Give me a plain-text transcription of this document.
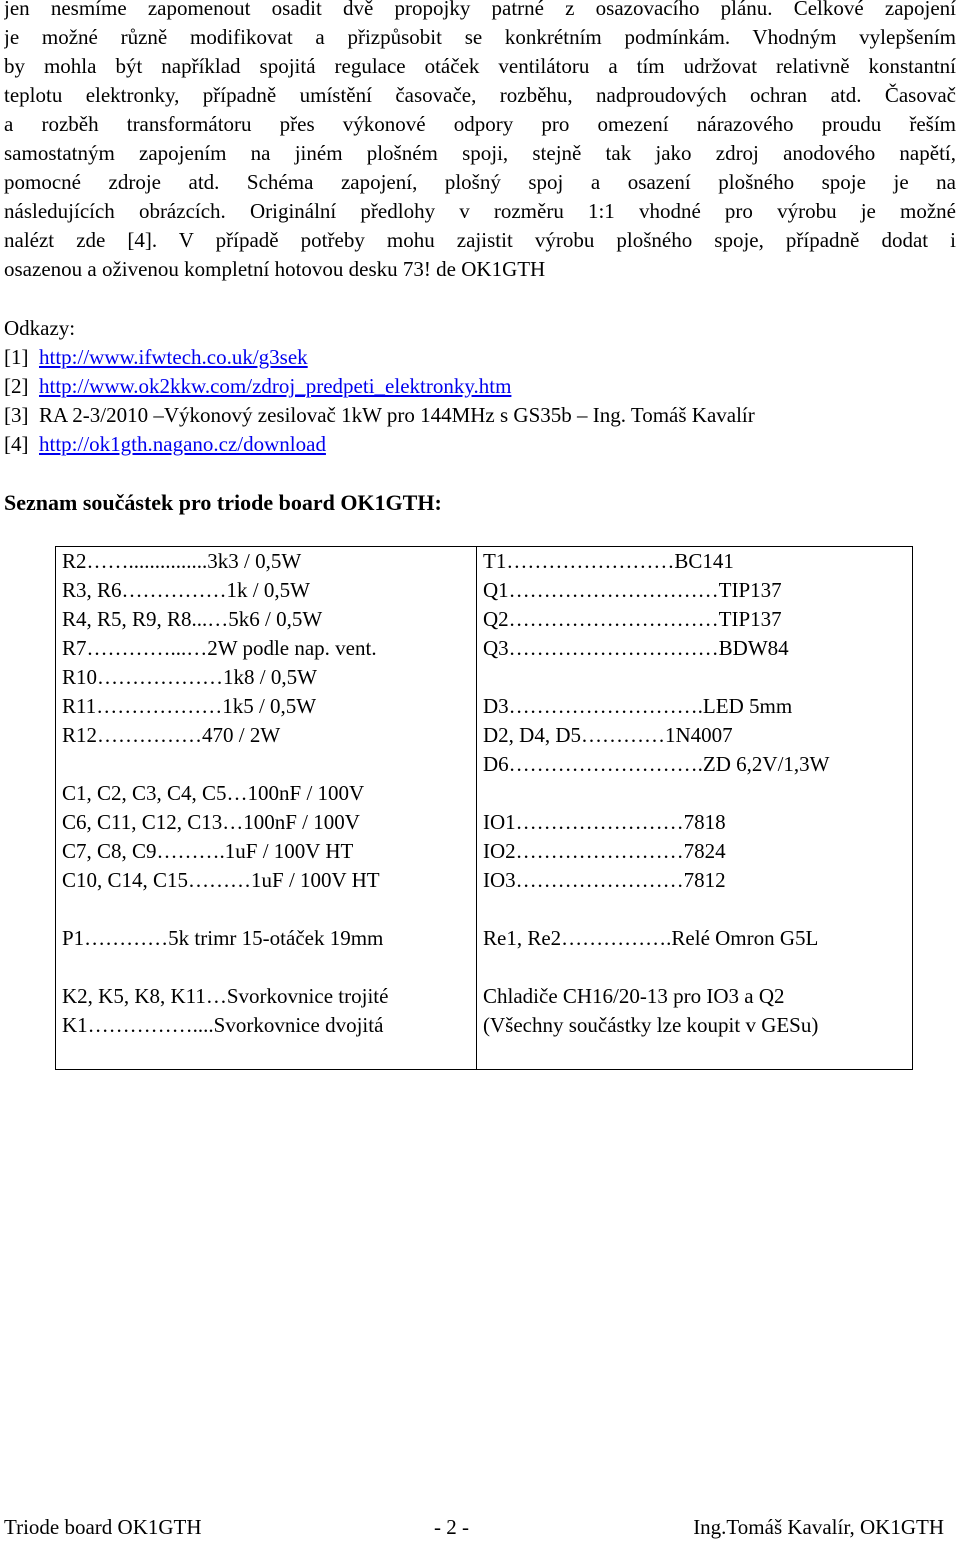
jen nesmíme zapomenout osadit dvě propojky patrné z osazovacího plánu. Celkové zapojení
je možné různě modifikovat a přizpůsobit se konkrétním podmínkám. Vhodným vylepšením
by mohla být například spojitá regulace otáček ventilátoru a tím udržovat relativně konstantní
teplotu elektronky, případně umístění časovače, rozběhu, nadproudových ochran atd. Časovač
a rozběh transformátoru přes výkonové odpory pro omezení nárazového proudu řeším
samostatným zapojením na jiném plošném spoji, stejně tak jako zdroj anodového napětí,
pomocné zdroje atd. Schéma zapojení, plošný spoj a osazení plošného spoje je na
následujících obrázcích. Originální předlohy v rozměru 1:1 vhodné pro výrobu je možné
nalézt zde [4]. V případě potřeby mohu zajistit výrobu plošného spoje, případně dodat i
osazenou a oživenou kompletní hotovou desku 73! de OK1GTH
Odkazy:
[1] http://www.ifwtech.co.uk/g3sek
[2] http://www.ok2kkw.com/zdroj_predpeti_elektronky.htm
[3] RA 2-3/2010 –Výkonový zesilovač 1kW pro 144MHz s GS35b – Ing. Tomáš Kavalír
[4] http://ok1gth.nagano.cz/download
Seznam součástek pro triode board OK1GTH:
R2……...............3k3 / 0,5W
R3, R6……………1k / 0,5W
R4, R5, R9, R8...…5k6 / 0,5W
R7…………...…2W podle nap. vent.
R10………………1k8 / 0,5W
R11………………1k5 / 0,5W
R12……………470 / 2W
C1, C2, C3, C4, C5…100nF / 100V
C6, C11, C12, C13…100nF / 100V
C7, C8, C9……….1uF / 100V HT
C10, C14, C15………1uF / 100V HT
P1…………5k trimr 15-otáček 19mm
K2, K5, K8, K11…Svorkovnice trojité
K1……………....Svorkovnice dvojitá

T1……………………BC141
Q1…………………………TIP137
Q2…………………………TIP137
Q3…………………………BDW84
D3……………………….LED 5mm
D2, D4, D5…………1N4007
D6……………………….ZD 6,2V/1,3W
IO1……………………7818
IO2……………………7824
IO3……………………7812
Re1, Re2…………….Relé Omron G5L
Chladiče CH16/20-13 pro IO3 a Q2
(Všechny součástky lze koupit v GESu)
Triode board OK1GTH	- 2 -	Ing.Tomáš Kavalír, OK1GTH
